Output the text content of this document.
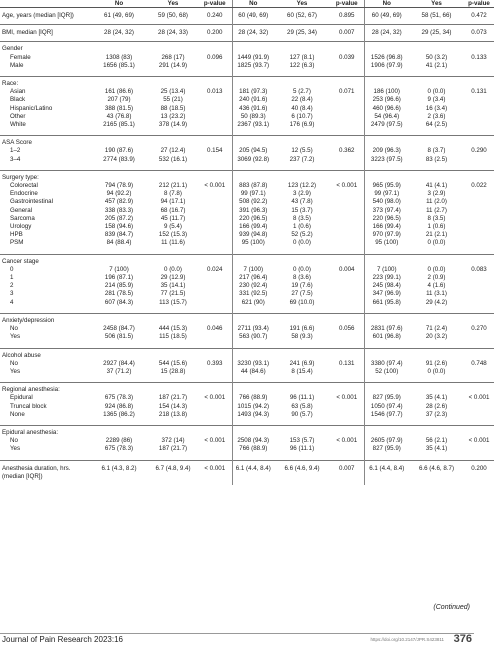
	No	Yes	p-value	No	Yes	p-value	No	Yes	p-value
Age, years (median [IQR])	61 (49, 69)	59 (50, 68)	0.240	60 (49, 69)	60 (52, 67)	0.895	60 (49, 69)	58 (51, 66)	0.472
BMI, median [IQR]	28 (24, 32)	28 (24, 33)	0.200	28 (24, 32)	29 (25, 34)	0.007	28 (24, 32)	29 (25, 34)	0.073
Gender									
Female	1308 (83)	268 (17)	0.096	1449 (91.9)	127 (8.1)	0.039	1526 (96.8)	50 (3.2)	0.133
Male	1656 (85.1)	291 (14.9)		1825 (93.7)	122 (6.3)		1906 (97.9)	41 (2.1)	

Race:									
Asian	161 (86.6)	25 (13.4)	0.013	181 (97.3)	5 (2.7)	0.071	186 (100)	0 (0.0)	0.131
Black	207 (79)	55 (21)		240 (91.6)	22 (8.4)		253 (96.6)	9 (3.4)	
Hispanic/Latino	388 (81.5)	88 (18.5)		436 (91.6)	40 (8.4)		460 (96.6)	16 (3.4)	
Other	43 (76.8)	13 (23.2)		50 (89.3)	6 (10.7)		54 (96.4)	2 (3.6)	
White	2165 (85.1)	378 (14.9)		2367 (93.1)	176 (6.9)		2479 (97.5)	64 (2.5)	

ASA Score									
1–2	190 (87.6)	27 (12.4)	0.154	205 (94.5)	12 (5.5)	0.362	209 (96.3)	8 (3.7)	0.290
3–4	2774 (83.9)	532 (16.1)		3069 (92.8)	237 (7.2)		3223 (97.5)	83 (2.5)	

Surgery type:									
Colorectal	794 (78.9)	212 (21.1)	< 0.001	883 (87.8)	123 (12.2)	< 0.001	965 (95.9)	41 (4.1)	0.022
Endocrine	94 (92.2)	8 (7.8)		99 (97.1)	3 (2.9)		99 (97.1)	3 (2.9)	
Gastrointestinal	457 (82.9)	94 (17.1)		508 (92.2)	43 (7.8)		540 (98.0)	11 (2.0)	
General	338 (83.3)	68 (16.7)		391 (96.3)	15 (3.7)		373 (97.4)	11 (2.7)	
Sarcoma	205 (87.2)	45 (11.7)		220 (96.5)	8 (3.5)		220 (96.5)	8 (3.5)	
Urology	158 (94.6)	9 (5.4)		166 (99.4)	1 (0.6)		166 (99.4)	1 (0.6)	
HPB	839 (84.7)	152 (15.3)		939 (94.8)	52 (5.2)		970 (97.9)	21 (2.1)	
PSM	84 (88.4)	11 (11.6)		95 (100)	0 (0.0)		95 (100)	0 (0.0)	

Cancer stage									
0	7 (100)	0 (0.0)	0.024	7 (100)	0 (0.0)	0.004	7 (100)	0 (0.0)	0.083
1	196 (87.1)	29 (12.9)		217 (96.4)	8 (3.6)		223 (99.1)	2 (0.9)	
2	214 (85.9)	35 (14.1)		230 (92.4)	19 (7.6)		245 (98.4)	4 (1.6)	
3	281 (78.5)	77 (21.5)		331 (92.5)	27 (7.5)		347 (96.9)	11 (3.1)	
4	607 (84.3)	113 (15.7)		621 (90)	69 (10.0)		661 (95.8)	29 (4.2)	

Anxiety/depression									
No	2458 (84.7)	444 (15.3)	0.046	2711 (93.4)	191 (6.6)	0.056	2831 (97.6)	71 (2.4)	0.270
Yes	506 (81.5)	115 (18.5)		563 (90.7)	58 (9.3)		601 (96.8)	20 (3.2)	

Alcohol abuse									
No	2927 (84.4)	544 (15.6)	0.393	3230 (93.1)	241 (6.9)	0.131	3380 (97.4)	91 (2.6)	0.748
Yes	37 (71.2)	15 (28.8)		44 (84.6)	8 (15.4)		52 (100)	0 (0.0)	

Regional anesthesia:									
Epidural	675 (78.3)	187 (21.7)	< 0.001	766 (88.9)	96 (11.1)	< 0.001	827 (95.9)	35 (4.1)	< 0.001
Truncal block	924 (86.8)	154 (14.3)		1015 (94.2)	63 (5.8)		1050 (97.4)	28 (2.6)	
None	1365 (86.2)	218 (13.8)		1493 (94.3)	90 (5.7)		1546 (97.7)	37 (2.3)	

Epidural anesthesia:									
No	2289 (86)	372 (14)	< 0.001	2508 (94.3)	153 (5.7)	< 0.001	2605 (97.9)	56 (2.1)	< 0.001
Yes	675 (78.3)	187 (21.7)		766 (88.9)	96 (11.1)		827 (95.9)	35 (4.1)	

Anesthesia duration, hrs. (median [IQR])	6.1 (4.3, 8.2)	6.7 (4.8, 9.4)	< 0.001	6.1 (4.4, 8.4)	6.6 (4.6, 9.4)	0.007	6.1 (4.4, 8.4)	6.6 (4.6, 8.7)	0.200
(Continued)
Journal of Pain Research 2023:16	https://doi.org/10.2147/JPR.S423811 376
